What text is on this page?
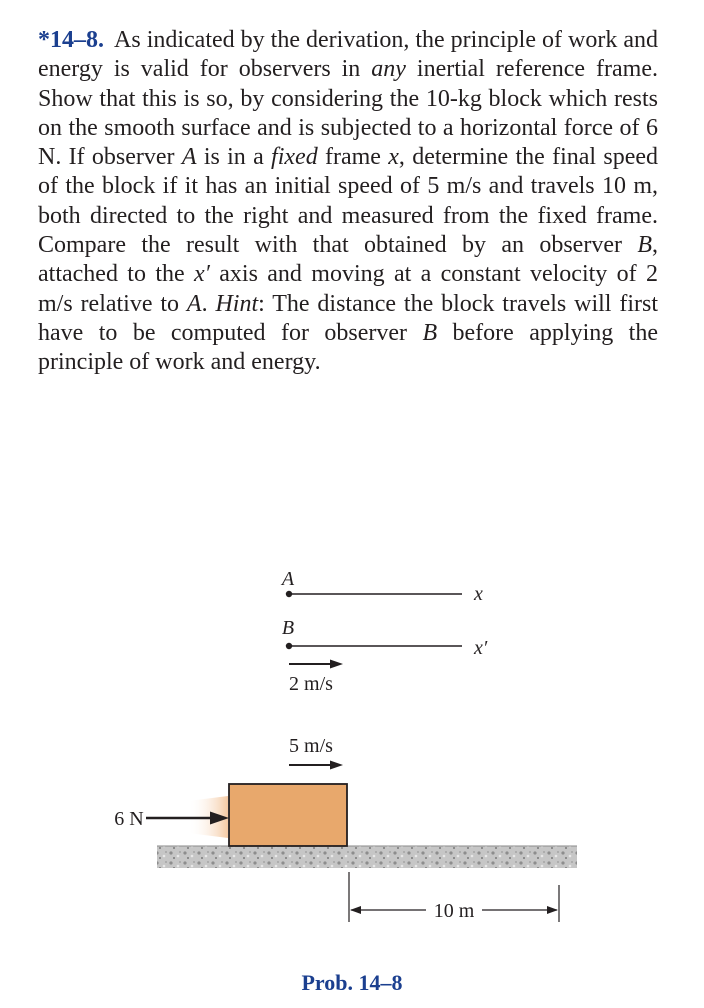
*14–8. As indicated by the derivation, the principle of work and energy is valid for observers in any inertial reference frame. Show that this is so, by considering the 10-kg block which rests on the smooth surface and is subjected to a horizontal force of 6 N. If observer A is in a fixed frame x, determine the final speed of the block if it has an initial speed of 5 m/s and travels 10 m, both directed to the right and measured from the fixed frame. Compare the result with that obtained by an observer B, attached to the x′ axis and moving at a constant velocity of 2 m/s relative to A. Hint: The distance the block travels will first have to be computed for observer B before applying the principle of work and energy.

A
x
B
x′
2 m/s
5 m/s
6 N
10 m
Prob. 14–8
